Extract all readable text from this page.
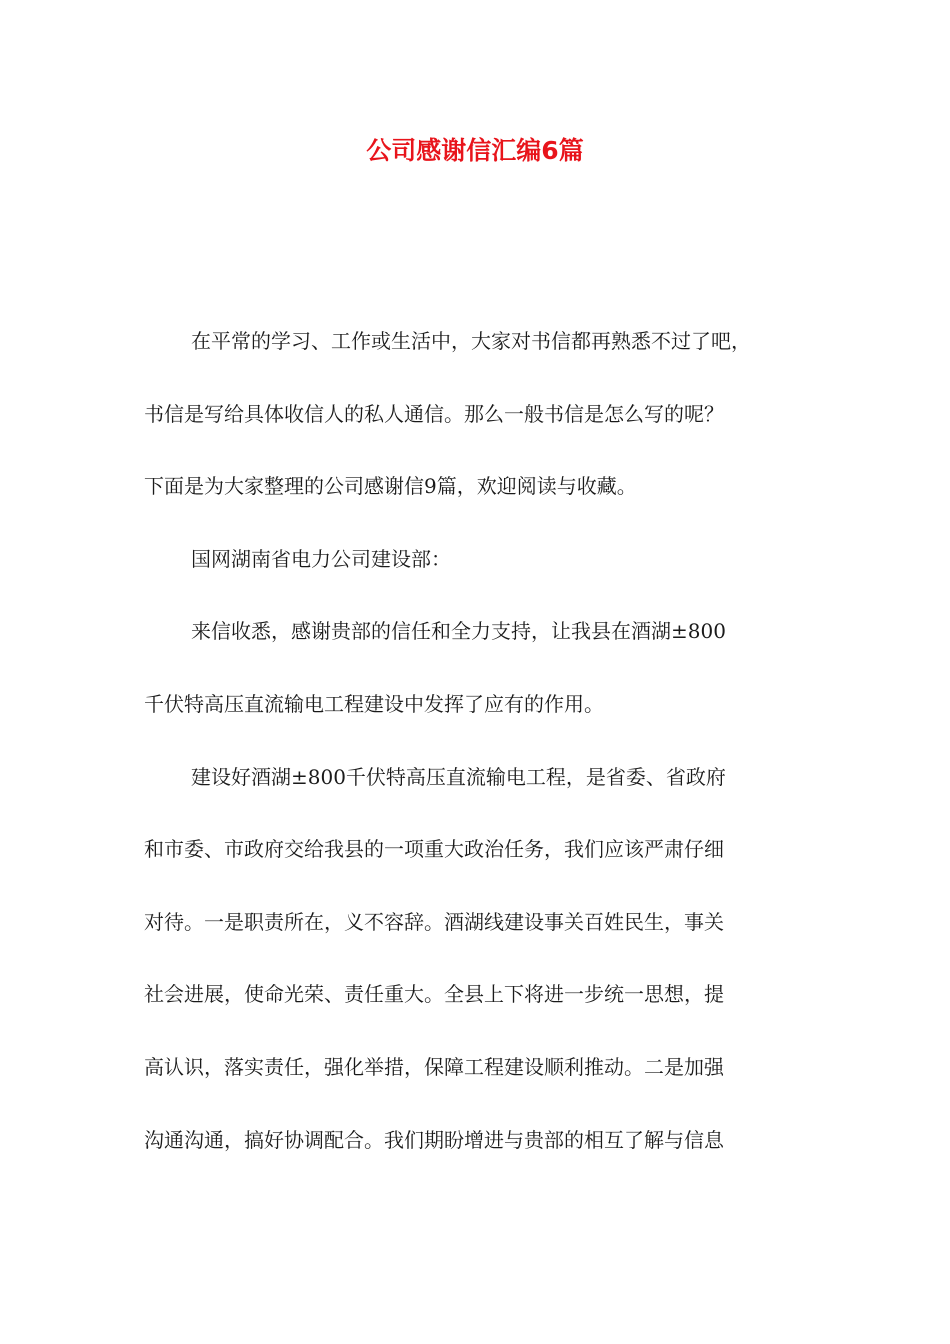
公司感谢信汇编6篇
在平常的学习、工作或生活中，大家对书信都再熟悉不过了吧，
书信是写给具体收信人的私人通信。那么一般书信是怎么写的呢？
下面是为大家整理的公司感谢信9篇，欢迎阅读与收藏。
国网湖南省电力公司建设部：
来信收悉，感谢贵部的信任和全力支持，让我县在酒湖±800
千伏特高压直流输电工程建设中发挥了应有的作用。
建设好酒湖±800千伏特高压直流输电工程，是省委、省政府
和市委、市政府交给我县的一项重大政治任务，我们应该严肃仔细
对待。一是职责所在，义不容辞。酒湖线建设事关百姓民生，事关
社会进展，使命光荣、责任重大。全县上下将进一步统一思想，提
高认识，落实责任，强化举措，保障工程建设顺利推动。二是加强
沟通沟通，搞好协调配合。我们期盼增进与贵部的相互了解与信息
